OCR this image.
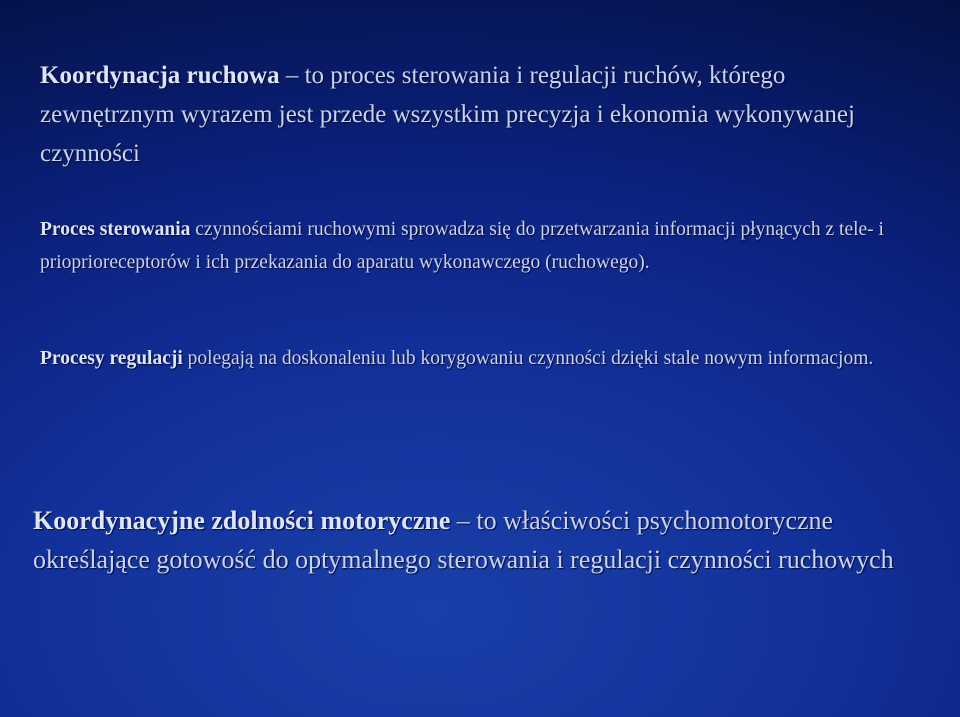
Koordynacja ruchowa – to proces sterowania i regulacji ruchów, którego zewnętrznym wyrazem jest przede wszystkim precyzja i ekonomia wykonywanej czynności
Proces sterowania czynnościami ruchowymi sprowadza się do przetwarzania informacji płynących z tele- i prioprioreceptorów i ich przekazania do aparatu wykonawczego (ruchowego).
Procesy regulacji polegają na doskonaleniu lub korygowaniu czynności dzięki stale nowym informacjom.
Koordynacyjne zdolności motoryczne – to właściwości psychomotoryczne określające gotowość do optymalnego sterowania i regulacji czynności ruchowych
